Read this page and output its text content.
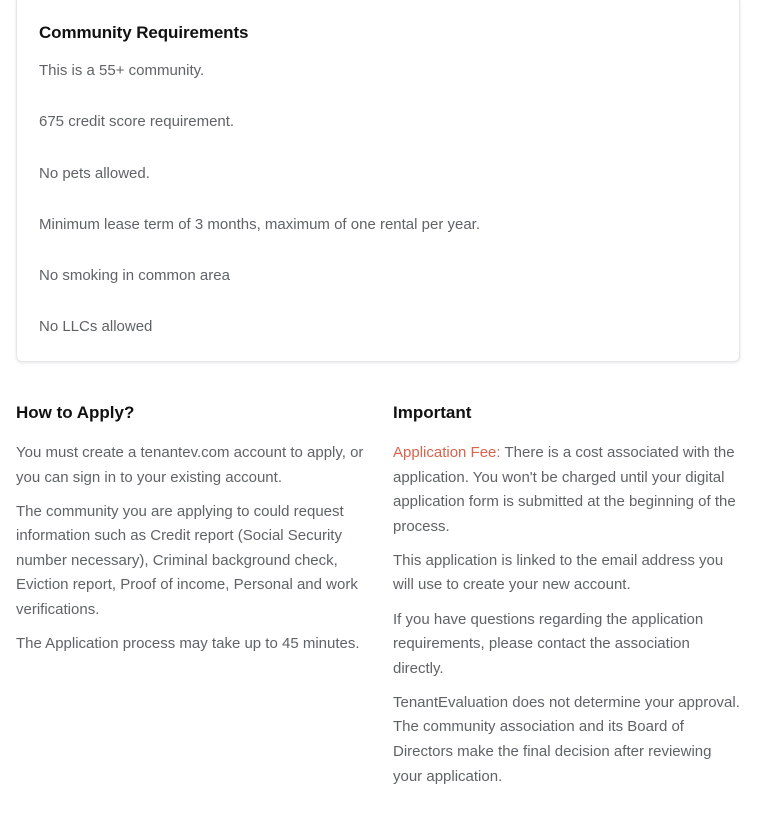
Community Requirements
This is a 55+ community.
675 credit score requirement.
No pets allowed.
Minimum lease term of 3 months, maximum of one rental per year.
No smoking in common area
No LLCs allowed
How to Apply?

You must create a tenantev.com account to apply, or you can sign in to your existing account.

The community you are applying to could request information such as Credit report (Social Security number necessary), Criminal background check, Eviction report, Proof of income, Personal and work verifications.

The Application process may take up to 45 minutes.

Important

Application Fee: There is a cost associated with the application. You won't be charged until your digital application form is submitted at the beginning of the process.

This application is linked to the email address you will use to create your new account.

If you have questions regarding the application requirements, please contact the association directly.

TenantEvaluation does not determine your approval. The community association and its Board of Directors make the final decision after reviewing your application.
